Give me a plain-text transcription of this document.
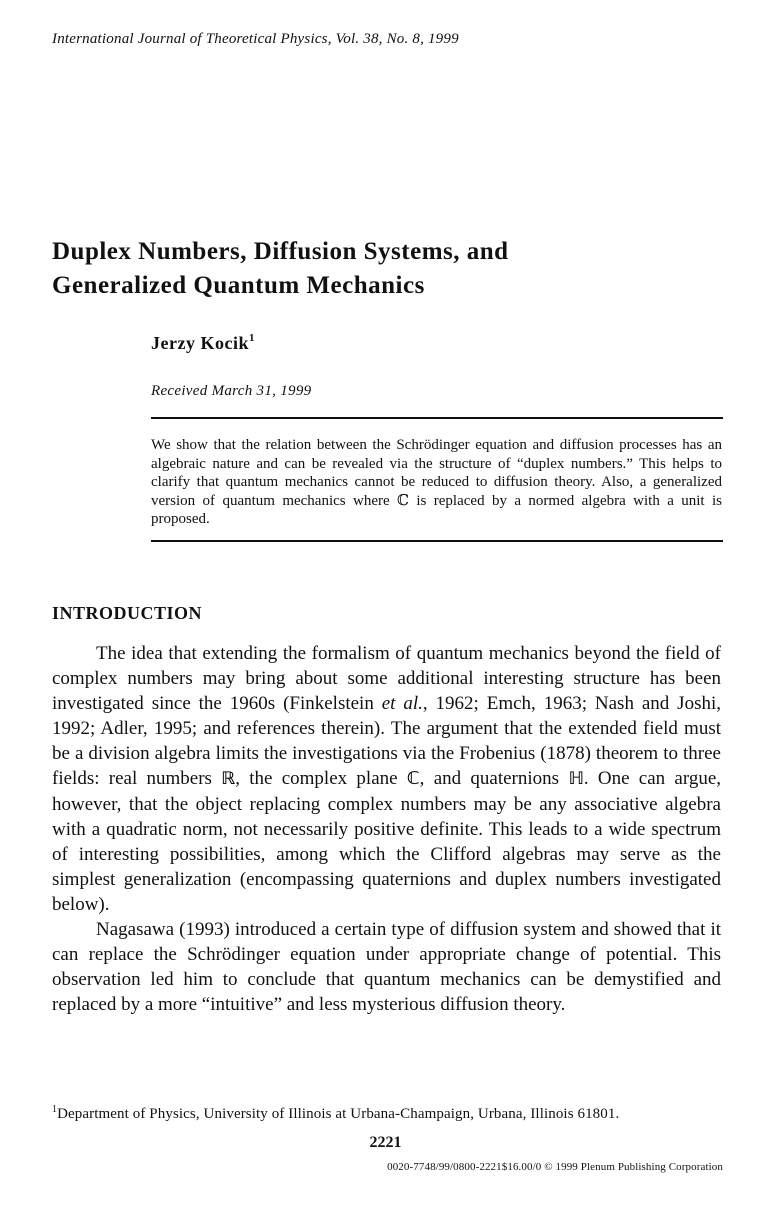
International Journal of Theoretical Physics, Vol. 38, No. 8, 1999
Duplex Numbers, Diffusion Systems, and
Generalized Quantum Mechanics
Jerzy Kocik$^1$
Received March 31, 1999
We show that the relation between the Schrödinger equation and diffusion processes has an algebraic nature and can be revealed via the structure of “duplex numbers.” This helps to clarify that quantum mechanics cannot be reduced to diffusion theory. Also, a generalized version of quantum mechanics where ℂ is replaced by a normed algebra with a unit is proposed.
INTRODUCTION

The idea that extending the formalism of quantum mechanics beyond the field of complex numbers may bring about some additional interesting structure has been investigated since the 1960s (Finkelstein et al., 1962; Emch, 1963; Nash and Joshi, 1992; Adler, 1995; and references therein). The argument that the extended field must be a division algebra limits the investigations via the Frobenius (1878) theorem to three fields: real numbers ℝ, the complex plane ℂ, and quaternions ℍ. One can argue, however, that the object replacing complex numbers may be any associative algebra with a quadratic norm, not necessarily positive definite. This leads to a wide spectrum of interesting possibilities, among which the Clifford algebras may serve as the simplest generalization (encompassing quaternions and duplex numbers investigated below).

Nagasawa (1993) introduced a certain type of diffusion system and showed that it can replace the Schrödinger equation under appropriate change of potential. This observation led him to conclude that quantum mechanics can be demystified and replaced by a more “intuitive” and less mysterious diffusion theory.

$^1$Department of Physics, University of Illinois at Urbana-Champaign, Urbana, Illinois 61801.
2221
0020-7748/99/0800-2221$16.00/0 © 1999 Plenum Publishing Corporation
